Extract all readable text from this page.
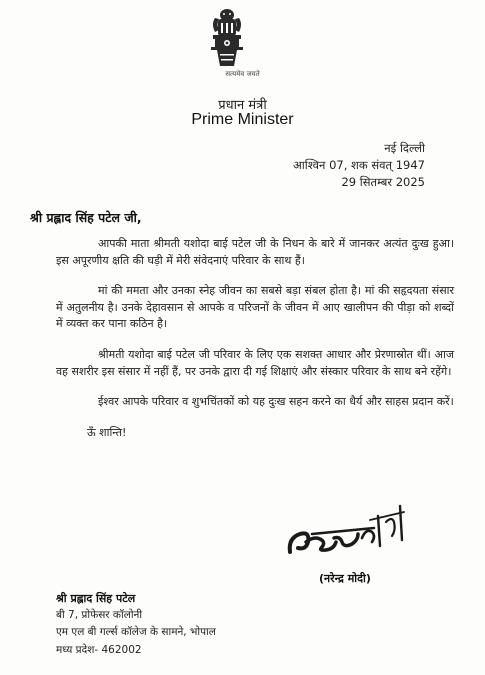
सत्यमेव जयते
प्रधान मंत्री
Prime Minister
नई दिल्ली
आश्विन 07, शक संवत् 1947
29 सितम्बर 2025
श्री प्रह्लाद सिंह पटेल जी,

आपकी माता श्रीमती यशोदा बाई पटेल जी के निधन के बारे में जानकर अत्यंत दुःख हुआ। इस अपूरणीय क्षति की घड़ी में मेरी संवेदनाएं परिवार के साथ हैं।

मां की ममता और उनका स्नेह जीवन का सबसे बड़ा संबल होता है। मां की सहृदयता संसार में अतुलनीय है। उनके देहावसान से आपके व परिजनों के जीवन में आए खालीपन की पीड़ा को शब्दों में व्यक्त कर पाना कठिन है।

श्रीमती यशोदा बाई पटेल जी परिवार के लिए एक सशक्त आधार और प्रेरणास्रोत थीं। आज वह सशरीर इस संसार में नहीं हैं, पर उनके द्वारा दी गई शिक्षाएं और संस्कार परिवार के साथ बने रहेंगे।

ईश्वर आपके परिवार व शुभचिंतकों को यह दुःख सहन करने का धैर्य और साहस प्रदान करें।

ऊँ शान्ति!

(नरेन्द्र मोदी)
श्री प्रह्लाद सिंह पटेल
बी 7, प्रोफेसर कॉलोनी
एम एल बी गर्ल्स कॉलेज के सामने, भोपाल
मध्य प्रदेश- 462002
